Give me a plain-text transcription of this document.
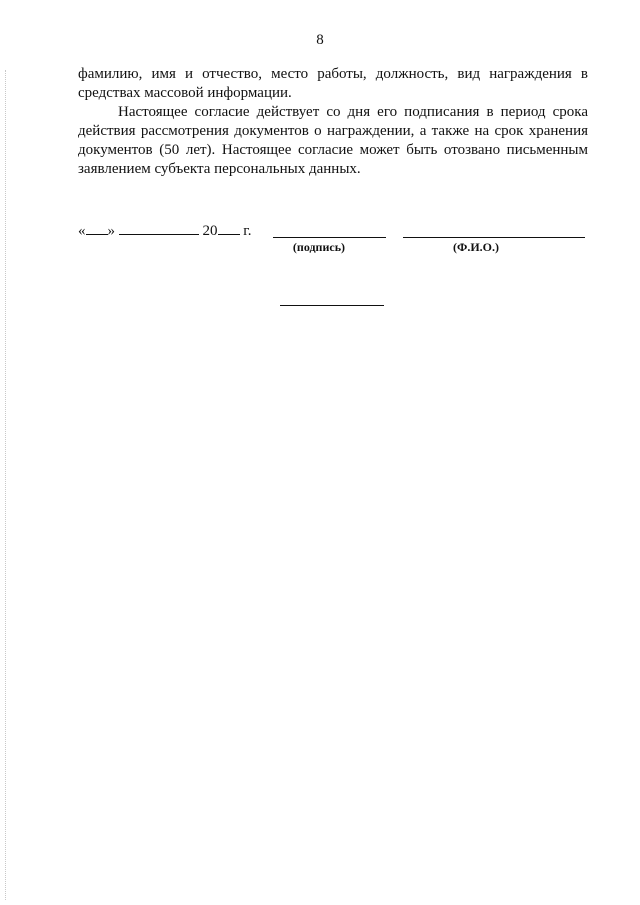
8

фамилию, имя и отчество, место работы, должность, вид награждения в средствах массовой информации.

Настоящее согласие действует со дня его подписания в период срока действия рассмотрения документов о награждении, а также на срок хранения документов (50 лет). Настоящее согласие может быть отозвано письменным заявлением субъекта персональных данных.

« »	20 г.
(подпись)	(Ф.И.О.)
